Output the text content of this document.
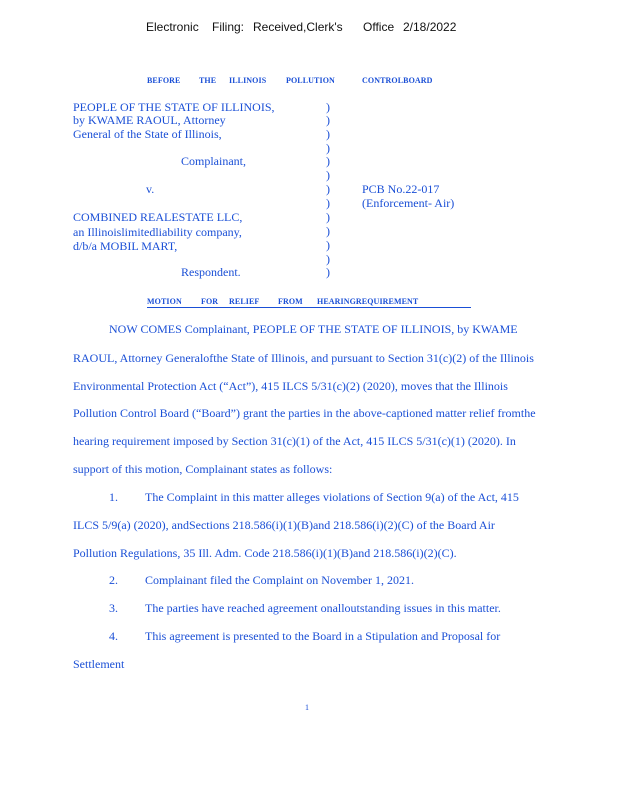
Electronic Filing: Received,Clerk's Office 2/18/2022
BEFORE THE ILLINOIS POLLUTION	CONTROLBOARD
PEOPLE OF THE STATE OF ILLINOIS,
by KWAME RAOUL, Attorney
General of the State of Illinois,
Complainant,
v.
COMBINED REALESTATE LLC,
an Illinoislimitedliability company,
d/b/a MOBIL MART,
Respondent.
)
)
)
)
)
)
)
)
)
)
)
)
)
PCB No.22-017
(Enforcement- Air)
MOTION FOR RELIEF FROM HEARINGREQUIREMENT
NOW COMES Complainant, PEOPLE OF THE STATE OF ILLINOIS, by KWAME
RAOUL, Attorney Generalofthe State of Illinois, and pursuant to Section 31(c)(2) of the Illinois
Environmental Protection Act (“Act”), 415 ILCS 5/31(c)(2) (2020), moves that the Illinois
Pollution Control Board (“Board”) grant the parties in the above-captioned matter relief fromthe
hearing requirement imposed by Section 31(c)(1) of the Act, 415 ILCS 5/31(c)(1) (2020). In
support of this motion, Complainant states as follows:
1. The Complaint in this matter alleges violations of Section 9(a) of the Act, 415
ILCS 5/9(a) (2020), andSections 218.586(i)(1)(B)and 218.586(i)(2)(C) of the Board Air
Pollution Regulations, 35 Ill. Adm. Code 218.586(i)(1)(B)and 218.586(i)(2)(C).
2. Complainant filed the Complaint on November 1, 2021.
3. The parties have reached agreement onalloutstanding issues in this matter.
4. This agreement is presented to the Board in a Stipulation and Proposal for
Settlement
1
